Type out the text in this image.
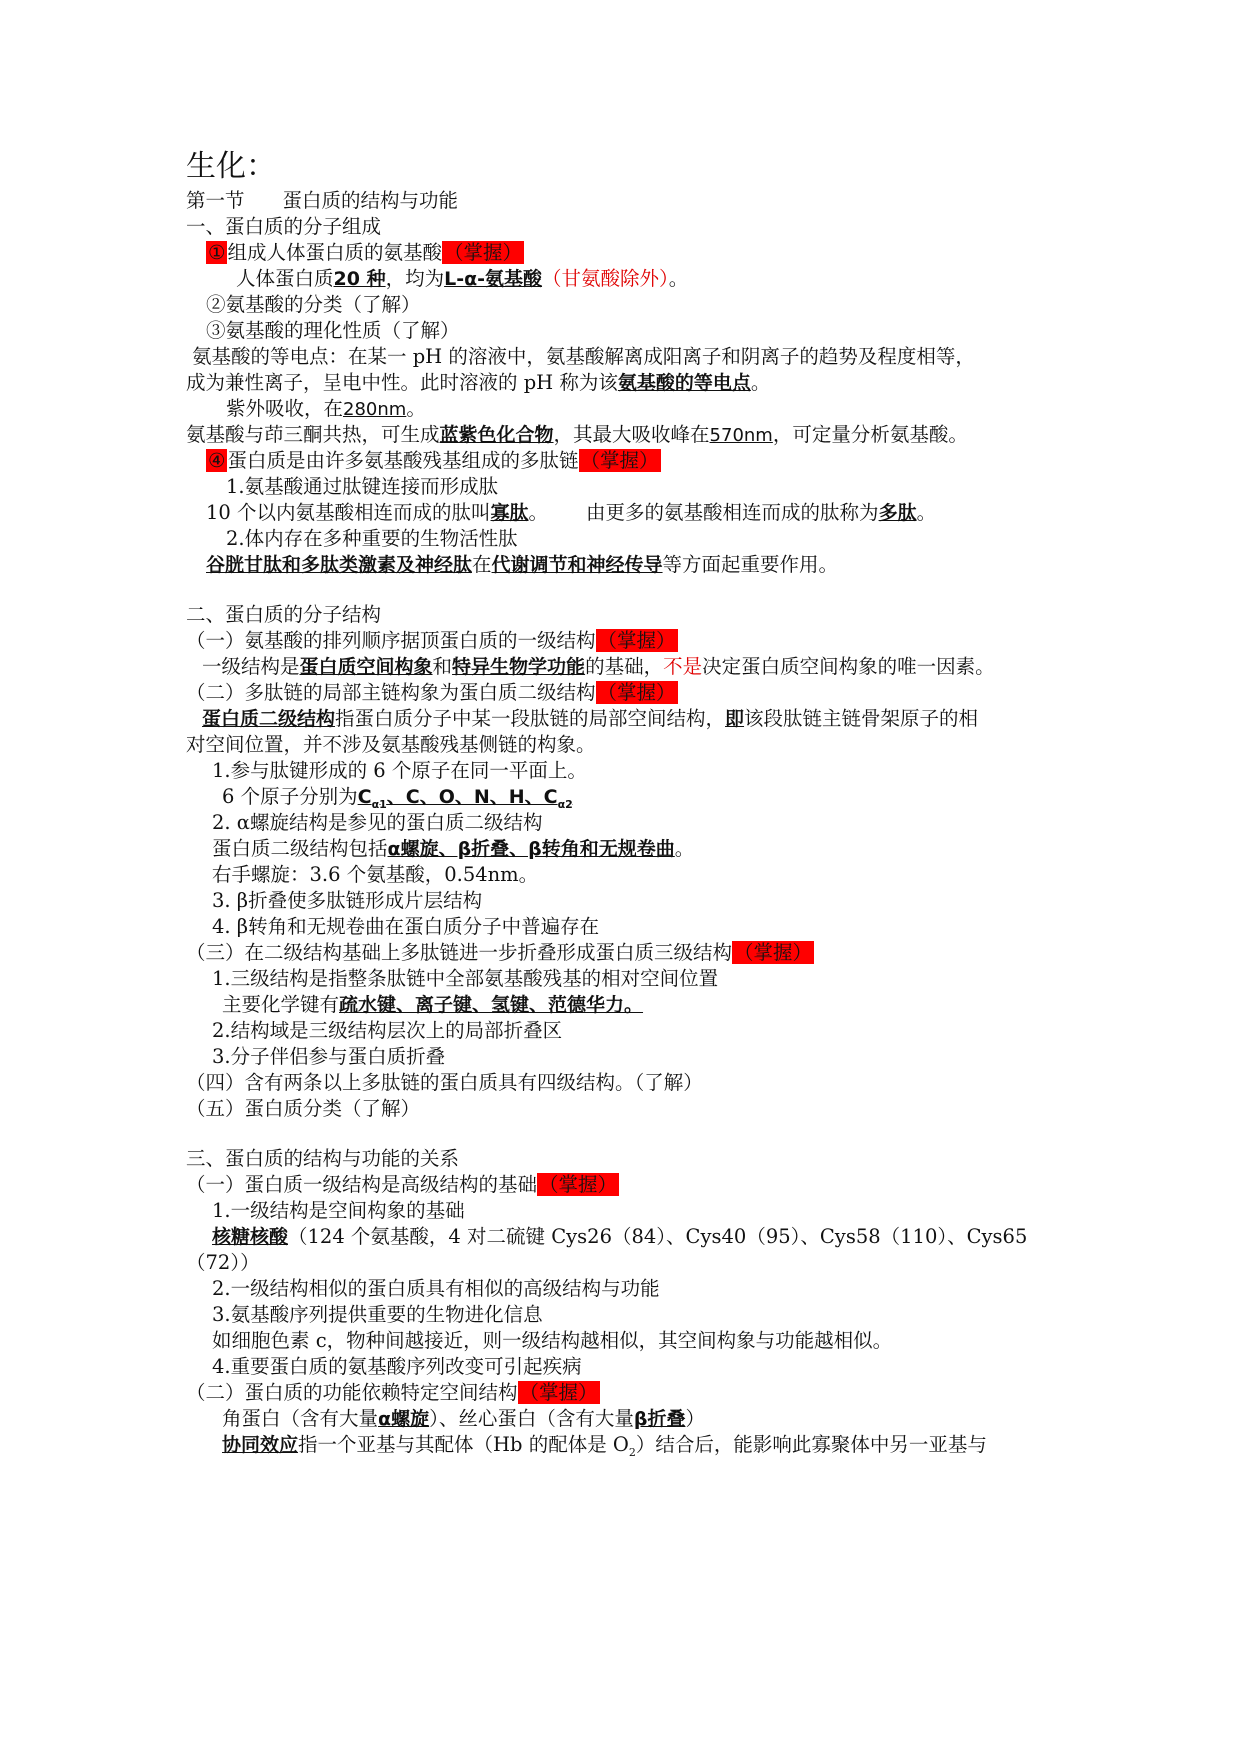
生化：
第一节 蛋白质的结构与功能
一、蛋白质的分子组成
① 组成人体蛋白质的氨基酸 （掌握）
人体蛋白质20 种，均为L-α-氨基酸（甘氨酸除外）。
②氨基酸的分类（了解）
③氨基酸的理化性质（了解）
氨基酸的等电点：在某一 pH 的溶液中，氨基酸解离成阳离子和阴离子的趋势及程度相等，
成为兼性离子，呈电中性。此时溶液的 pH 称为该氨基酸的等电点。
紫外吸收，在280nm。
氨基酸与茚三酮共热，可生成蓝紫色化合物，其最大吸收峰在570nm，可定量分析氨基酸。
④ 蛋白质是由许多氨基酸残基组成的多肽链 （掌握）
1.氨基酸通过肽键连接而形成肽
10 个以内氨基酸相连而成的肽叫寡肽。 由更多的氨基酸相连而成的肽称为多肽。
2.体内存在多种重要的生物活性肽
谷胱甘肽和多肽类激素及神经肽在代谢调节和神经传导等方面起重要作用。
二、蛋白质的分子结构
（一）氨基酸的排列顺序据顶蛋白质的一级结构 （掌握）
一级结构是蛋白质空间构象和特异生物学功能的基础，不是决定蛋白质空间构象的唯一因素。
（二）多肽链的局部主链构象为蛋白质二级结构 （掌握）
蛋白质二级结构指蛋白质分子中某一段肽链的局部空间结构，即该段肽链主链骨架原子的相
对空间位置，并不涉及氨基酸残基侧链的构象。
1.参与肽键形成的 6 个原子在同一平面上。
6 个原子分别为$C_{\alpha 1}$、C、O、N、H、$C_{\alpha 2}$
2. α螺旋结构是参见的蛋白质二级结构
蛋白质二级结构包括α螺旋、β折叠、β转角和无规卷曲。
右手螺旋：3.6 个氨基酸，0.54nm。
3. β折叠使多肽链形成片层结构
4. β转角和无规卷曲在蛋白质分子中普遍存在
（三）在二级结构基础上多肽链进一步折叠形成蛋白质三级结构 （掌握）
1.三级结构是指整条肽链中全部氨基酸残基的相对空间位置
主要化学键有疏水键、离子键、氢键、范德华力。
2.结构域是三级结构层次上的局部折叠区
3.分子伴侣参与蛋白质折叠
（四）含有两条以上多肽链的蛋白质具有四级结构。（了解）
（五）蛋白质分类（了解）
三、蛋白质的结构与功能的关系
（一）蛋白质一级结构是高级结构的基础 （掌握）
1.一级结构是空间构象的基础
核糖核酸（124 个氨基酸，4 对二硫键 Cys26（84）、Cys40（95）、Cys58（110）、Cys65
（72））
2.一级结构相似的蛋白质具有相似的高级结构与功能
3.氨基酸序列提供重要的生物进化信息
如细胞色素 c，物种间越接近，则一级结构越相似，其空间构象与功能越相似。
4.重要蛋白质的氨基酸序列改变可引起疾病
（二）蛋白质的功能依赖特定空间结构 （掌握）
角蛋白（含有大量α螺旋）、丝心蛋白（含有大量β折叠）
协同效应指一个亚基与其配体（Hb 的配体是 $O_2$）结合后，能影响此寡聚体中另一亚基与
